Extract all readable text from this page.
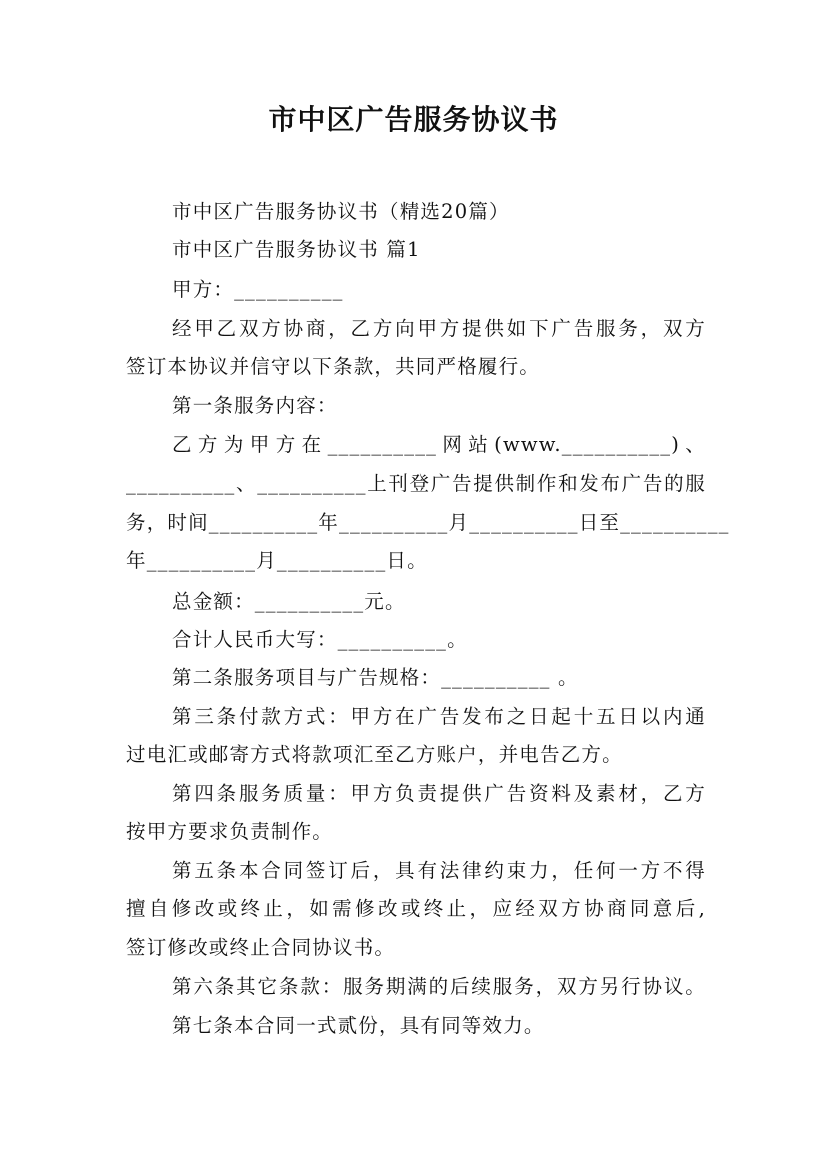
市中区广告服务协议书
市中区广告服务协议书（精选20篇）
市中区广告服务协议书 篇1
甲方：__________
经甲乙双方协商，乙方向甲方提供如下广告服务，双方
签订本协议并信守以下条款，共同严格履行。
第一条服务内容：
乙方为甲方在__________网站(www.__________)、
__________、__________上刊登广告提供制作和发布广告的服
务，时间__________年__________月__________日至__________
年__________月__________日。
总金额：__________元。
合计人民币大写：__________。
第二条服务项目与广告规格：__________ 。
第三条付款方式：甲方在广告发布之日起十五日以内通
过电汇或邮寄方式将款项汇至乙方账户，并电告乙方。
第四条服务质量：甲方负责提供广告资料及素材，乙方
按甲方要求负责制作。
第五条本合同签订后，具有法律约束力，任何一方不得
擅自修改或终止，如需修改或终止，应经双方协商同意后,
签订修改或终止合同协议书。
第六条其它条款：服务期满的后续服务，双方另行协议。
第七条本合同一式贰份，具有同等效力。
